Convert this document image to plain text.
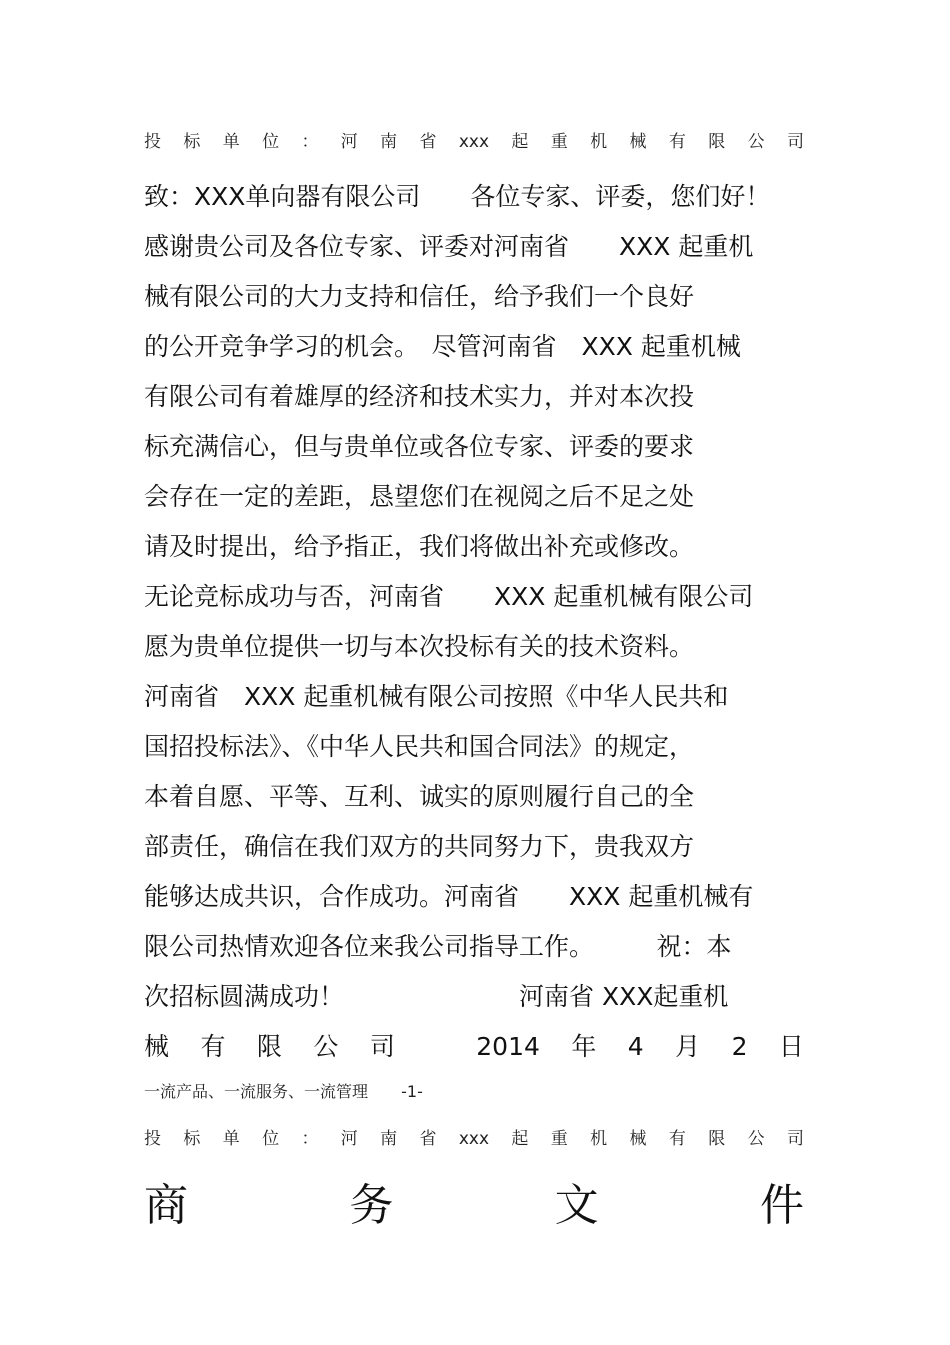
投 标 单 位 ： 河 南 省 xxx 起 重 机 械 有 限 公 司
致：XXX单向器有限公司　　各位专家、评委，您们好！
感谢贵公司及各位专家、评委对河南省　　XXX 起重机
械有限公司的大力支持和信任，给予我们一个良好
的公开竞争学习的机会。　尽管河南省　XXX 起重机械
有限公司有着雄厚的经济和技术实力，并对本次投
标充满信心，但与贵单位或各位专家、评委的要求
会存在一定的差距，恳望您们在视阅之后不足之处
请及时提出，给予指正，我们将做出补充或修改。
无论竞标成功与否，河南省　　XXX 起重机械有限公司
愿为贵单位提供一切与本次投标有关的技术资料。
河南省　XXX 起重机械有限公司按照《中华人民共和
国招投标法》、《中华人民共和国合同法》的规定，
本着自愿、平等、互利、诚实的原则履行自己的全
部责任，确信在我们双方的共同努力下，贵我双方
能够达成共识，合作成功。河南省　　XXX 起重机械有
限公司热情欢迎各位来我公司指导工作。　　　祝：本
次招标圆满成功！　　　　　　　河南省 XXX起重机
械 有 限 公 司	2014 年 4 月 2 日
一流产品、一流服务、一流管理 -1-
投 标 单 位 ： 河 南 省 xxx 起 重 机 械 有 限 公 司
商	务	文	件
